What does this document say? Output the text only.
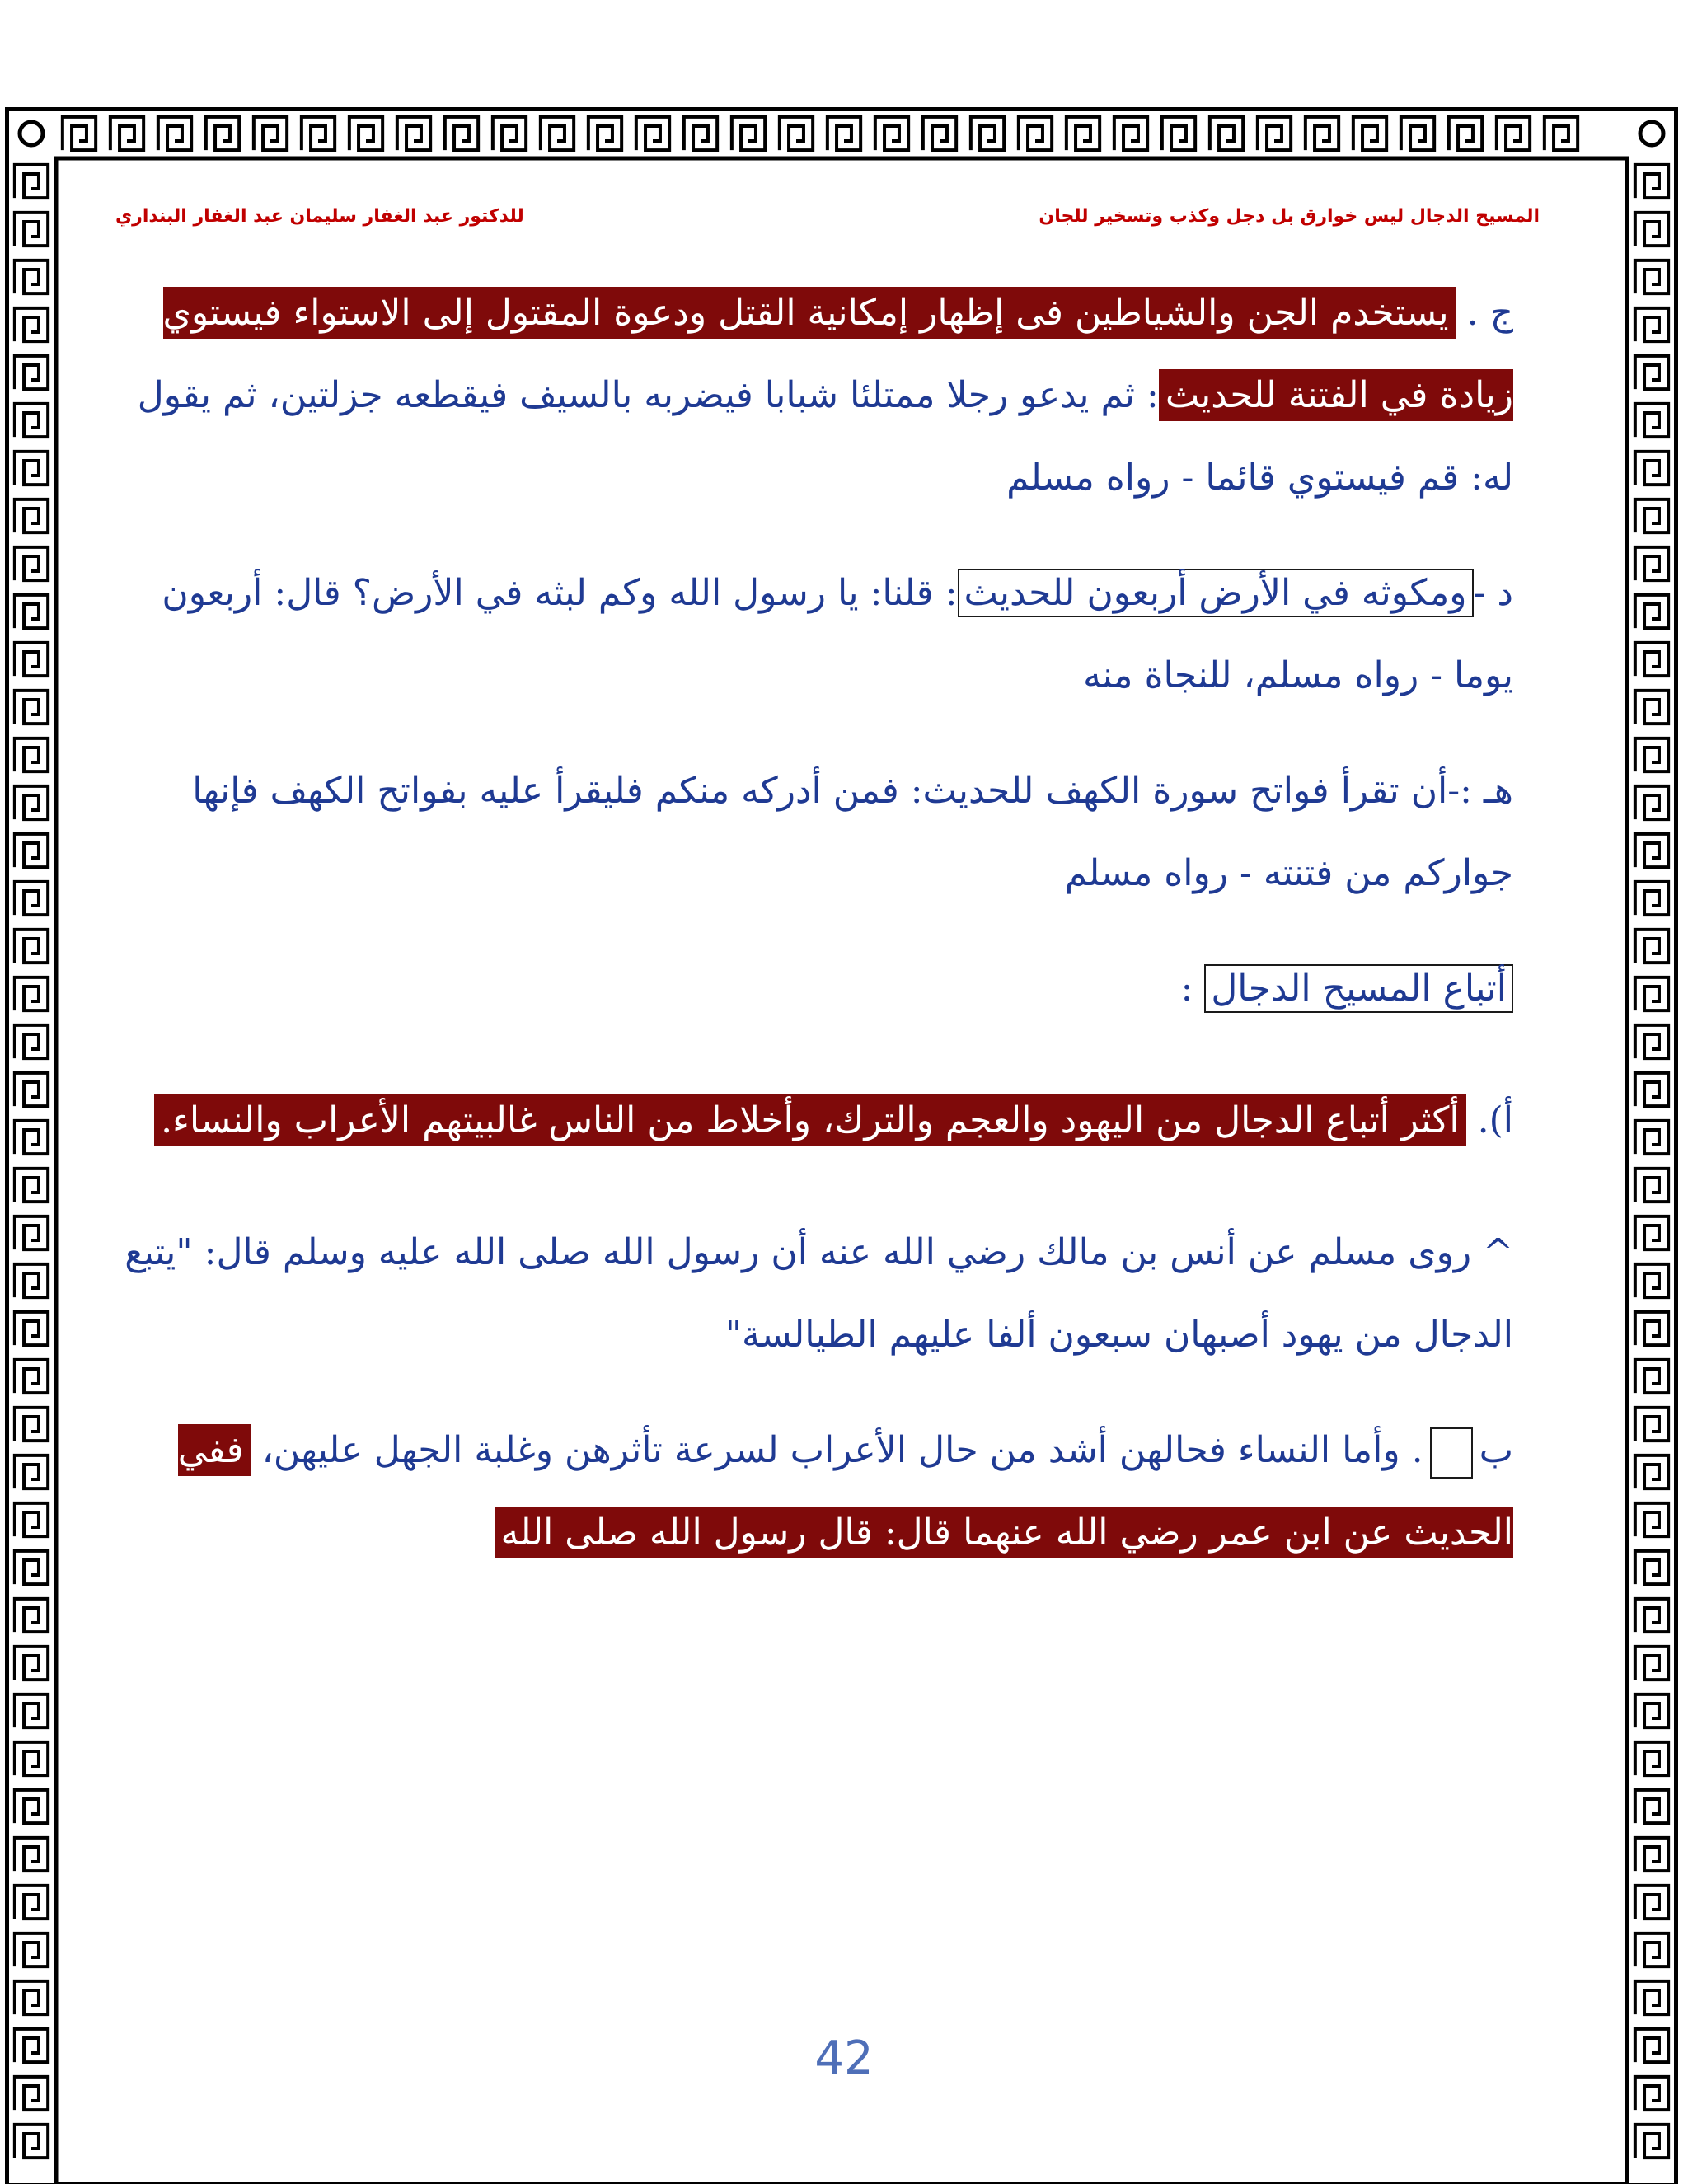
المسيح الدجال ليس خوارق بل دجل وكذب وتسخير للجان
للدكتور عبد الغفار سليمان عبد الغفار البنداري

ج . يستخدم الجن والشياطين فى إظهار إمكانية القتل ودعوة المقتول إلى الاستواء فيستوي زيادة في الفتنة للحديث: ثم يدعو رجلا ممتلئا شبابا فيضربه بالسيف فيقطعه جزلتين، ثم يقول له: قم فيستوي قائما - رواه مسلم

د -ومكوثه في الأرض أربعون للحديث: قلنا: يا رسول الله وكم لبثه في الأرض؟ قال: أربعون يوما - رواه مسلم، للنجاة منه

هـ :-أن تقرأ فواتح سورة الكهف للحديث: فمن أدركه منكم فليقرأ عليه بفواتح الكهف فإنها جواركم من فتنته - رواه مسلم

أتباع المسيح الدجال :

أ). أكثر أتباع الدجال من اليهود والعجم والترك، وأخلاط من الناس غالبيتهم الأعراب والنساء.

^ روى مسلم عن أنس بن مالك رضي الله عنه أن رسول الله صلى الله عليه وسلم قال: "يتبع الدجال من يهود أصبهان سبعون ألفا عليهم الطيالسة"

ب. وأما النساء فحالهن أشد من حال الأعراب لسرعة تأثرهن وغلبة الجهل عليهن، ففي الحديث عن ابن عمر رضي الله عنهما قال: قال رسول الله صلى الله

42
